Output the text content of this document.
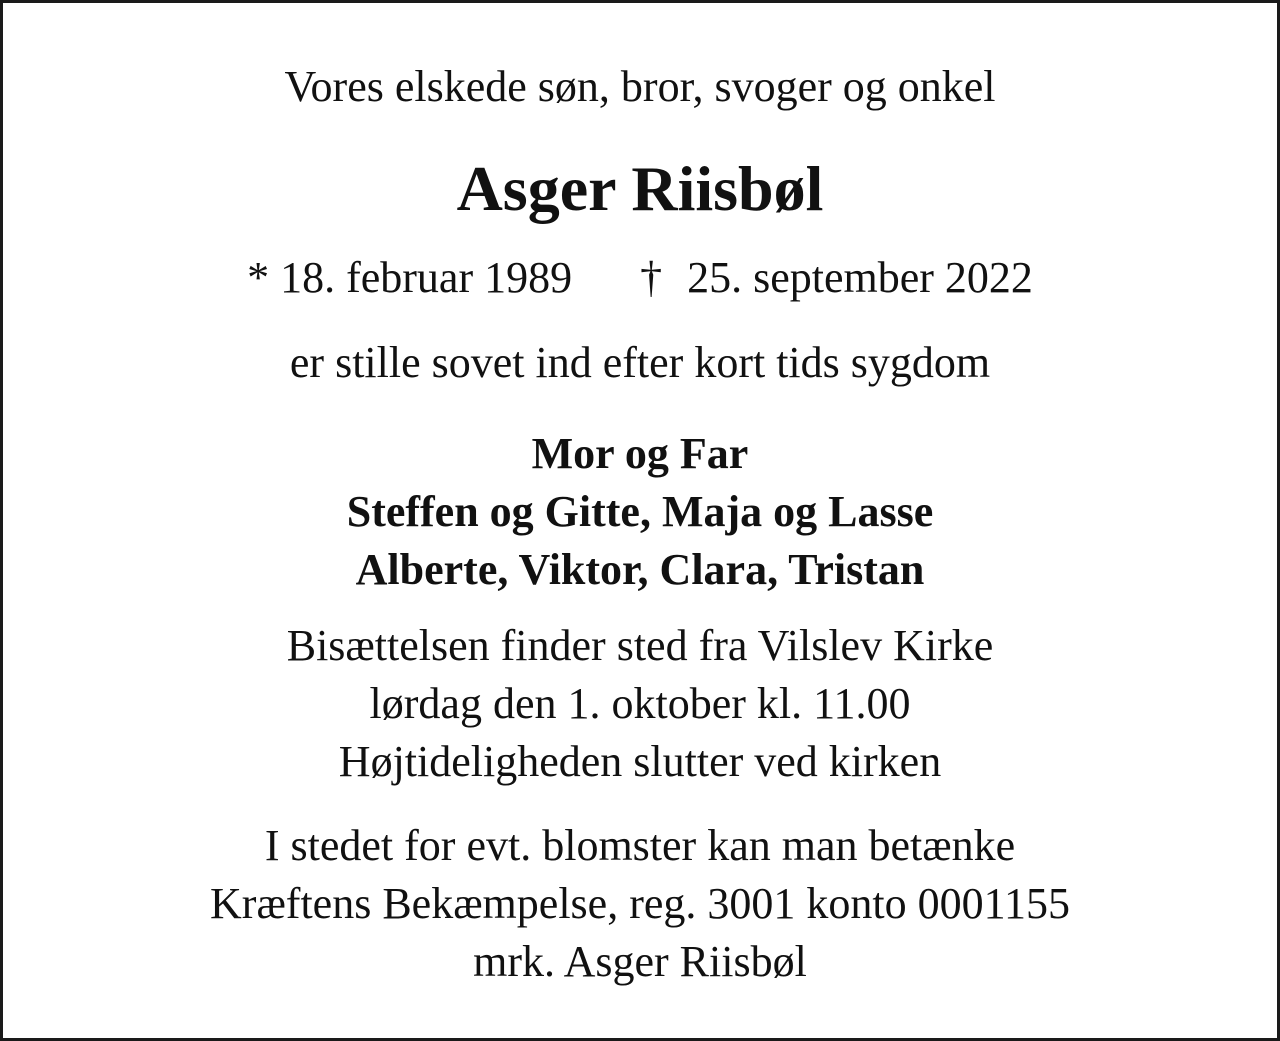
Vores elskede søn, bror, svoger og onkel
Asger Riisbøl
* 18. februar 1989 † 25. september 2022
er stille sovet ind efter kort tids sygdom
Mor og Far
Steffen og Gitte, Maja og Lasse
Alberte, Viktor, Clara, Tristan
Bisættelsen finder sted fra Vilslev Kirke
lørdag den 1. oktober kl. 11.00
Højtideligheden slutter ved kirken
I stedet for evt. blomster kan man betænke
Kræftens Bekæmpelse, reg. 3001 konto 0001155
mrk. Asger Riisbøl
